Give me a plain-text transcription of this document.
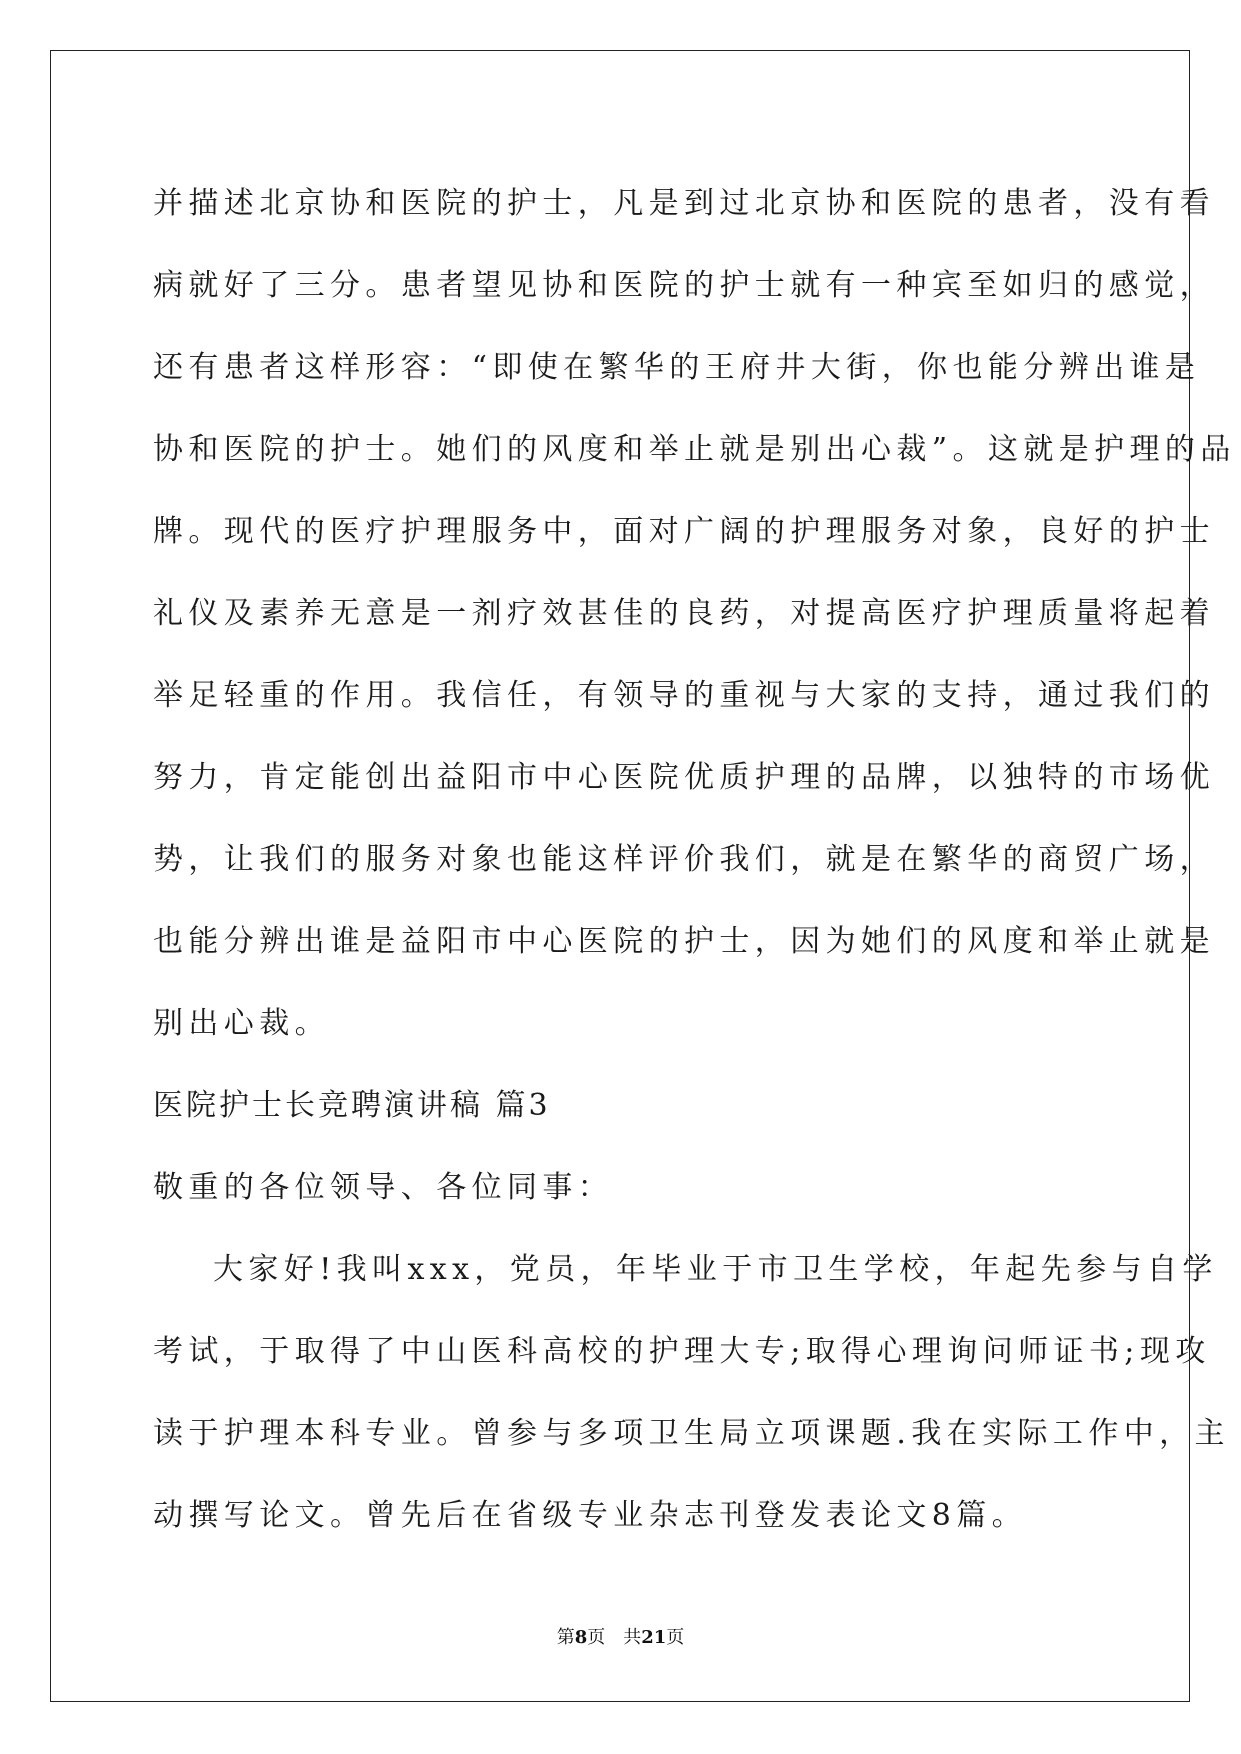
并描述北京协和医院的护士，凡是到过北京协和医院的患者，没有看
病就好了三分。患者望见协和医院的护士就有一种宾至如归的感觉，
还有患者这样形容：“即使在繁华的王府井大街，你也能分辨出谁是
协和医院的护士。她们的风度和举止就是别出心裁”。这就是护理的品
牌。现代的医疗护理服务中，面对广阔的护理服务对象，良好的护士
礼仪及素养无意是一剂疗效甚佳的良药，对提高医疗护理质量将起着
举足轻重的作用。我信任，有领导的重视与大家的支持，通过我们的
努力，肯定能创出益阳市中心医院优质护理的品牌，以独特的市场优
势，让我们的服务对象也能这样评价我们，就是在繁华的商贸广场，
也能分辨出谁是益阳市中心医院的护士，因为她们的风度和举止就是
别出心裁。
医院护士长竞聘演讲稿 篇3
敬重的各位领导、各位同事：
大家好!我叫xxx，党员，年毕业于市卫生学校，年起先参与自学
考试，于取得了中山医科高校的护理大专;取得心理询问师证书;现攻
读于护理本科专业。曾参与多项卫生局立项课题.我在实际工作中，主
动撰写论文。曾先后在省级专业杂志刊登发表论文8篇。
第8页 共21页
